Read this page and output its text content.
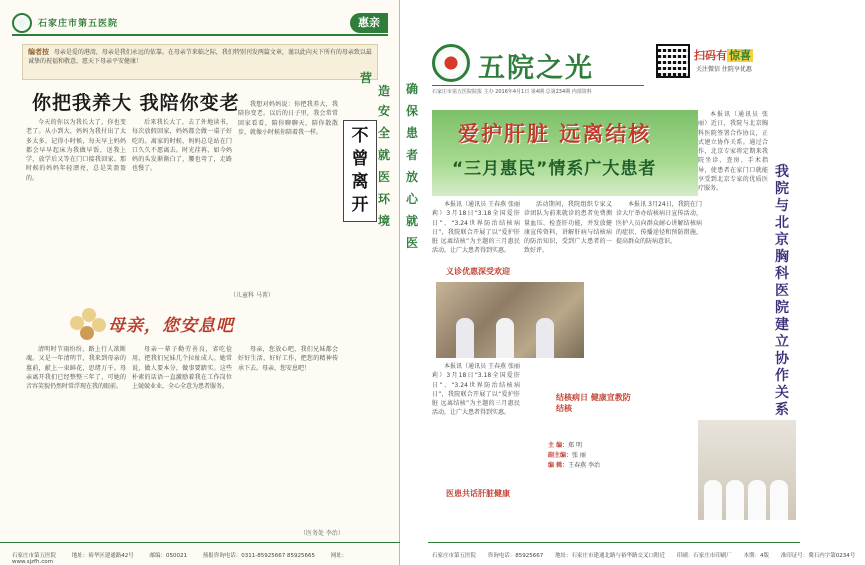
石家庄市第五医院	惠亲
编者按 母亲是爱的港湾，母亲是我们永远的依靠。在母亲节来临之际，我们特别刊发两篇文章，谨以此向天下所有的母亲致以最诚挚的祝福和敬意，愿天下母亲平安健康！
你把我养大 我陪你变老

今天的你以为我长大了，你也变老了。从小到大，妈妈为我付出了太多太多。记得小时候，每天早上妈妈都会早早起床为我做早饭，送我上学，放学后又等在门口接我回家。那时候的妈妈年轻漂亮，总是笑盈盈的。

后来我长大了，去了外地读书，每次放假回家，妈妈都会做一桌子好吃的。离家的时候，妈妈总是站在门口久久不愿离去。时光荏苒，如今妈妈的头发渐渐白了，腰也弯了，走路也慢了。

我想对妈妈说：你把我养大，我陪你变老。以后的日子里，我会常常回家看看，陪你聊聊天，陪你散散步，就像小时候你陪着我一样。

（儿童科 马菁）
不
曾
离
开
母亲，您安息吧

清明时节雨纷纷，路上行人欲断魂。又是一年清明节，我来到母亲的墓前，献上一束鲜花，思绪万千。母亲离开我们已经整整三年了，可她的音容笑貌仍然时常浮现在我的眼前。

母亲一辈子勤劳善良，省吃俭用，把我们兄妹几个拉扯成人。她常说，做人要本分，做事要踏实。这些朴素的话语一直激励着我在工作岗位上兢兢业业，全心全意为患者服务。

母亲，您放心吧，我们兄妹都会好好生活，好好工作，把您的精神传承下去。母亲，您安息吧！

（医务处 李治）
石家庄市第五医院	地址：裕华区建通路42号	邮编：050021	预报咨询电话：0311-85925667 85925665	网址：www.sjzfh.com
营
造
安
全
就
医
环
境
确
保
患
者
放
心
就
医
五院之光
石家庄市第五医院院报 主办 2016年4月1日 第4期 总第234期 内部资料
扫码有 惊喜
关注微信 住院享优惠
爱护肝脏 远离结核
“三月惠民”情系广大患者

本报讯（通讯员 王春燕 张丽莉）3月18日“3.18全国爱肝日”、“3.24世界防治结核病日”，我院联合开展了以“爱护肝脏 远离结核”为主题的三月惠民活动，让广大患者得到实惠。

活动期间，我院组织专家义诊团队为前来就诊的患者免费测量血压、检查肝功能，并发放健康宣传资料，讲解肝病与结核病的防治知识，受到广大患者的一致好评。

本报讯 3月24日，我院在门诊大厅举办结核病日宣传活动，医护人员向群众耐心讲解结核病的症状、传播途径和预防措施，提高群众的防病意识。

义诊优惠深受欢迎

本报讯（通讯员 王春燕 张丽莉）3月18日“3.18全国爱肝日”、“3.24世界防治结核病日”，我院联合开展了以“爱护肝脏 远离结核”为主题的三月惠民活动，让广大患者得到实惠。

结核病日 健康宣教防结核
主 编：郑 明
副主编：张 丽
编 辑：王春燕 李治
医患共话肝脏健康

本报讯（通讯员 张丽）近日，我院与北京胸科医院签署合作协议，正式建立协作关系。通过合作，北京专家将定期来我院坐诊、查房、手术指导，使患者在家门口就能享受到北京专家的优质医疗服务。

我
院
与
北
京
胸
科
医
院
建
立
协
作
关
系
石家庄市第五医院 咨询电话：85925667 地址：石家庄市建通北路与裕华路交叉口附近 印刷：石家庄市印刷厂 本期：4版 准印证号：冀石内字第0234号
